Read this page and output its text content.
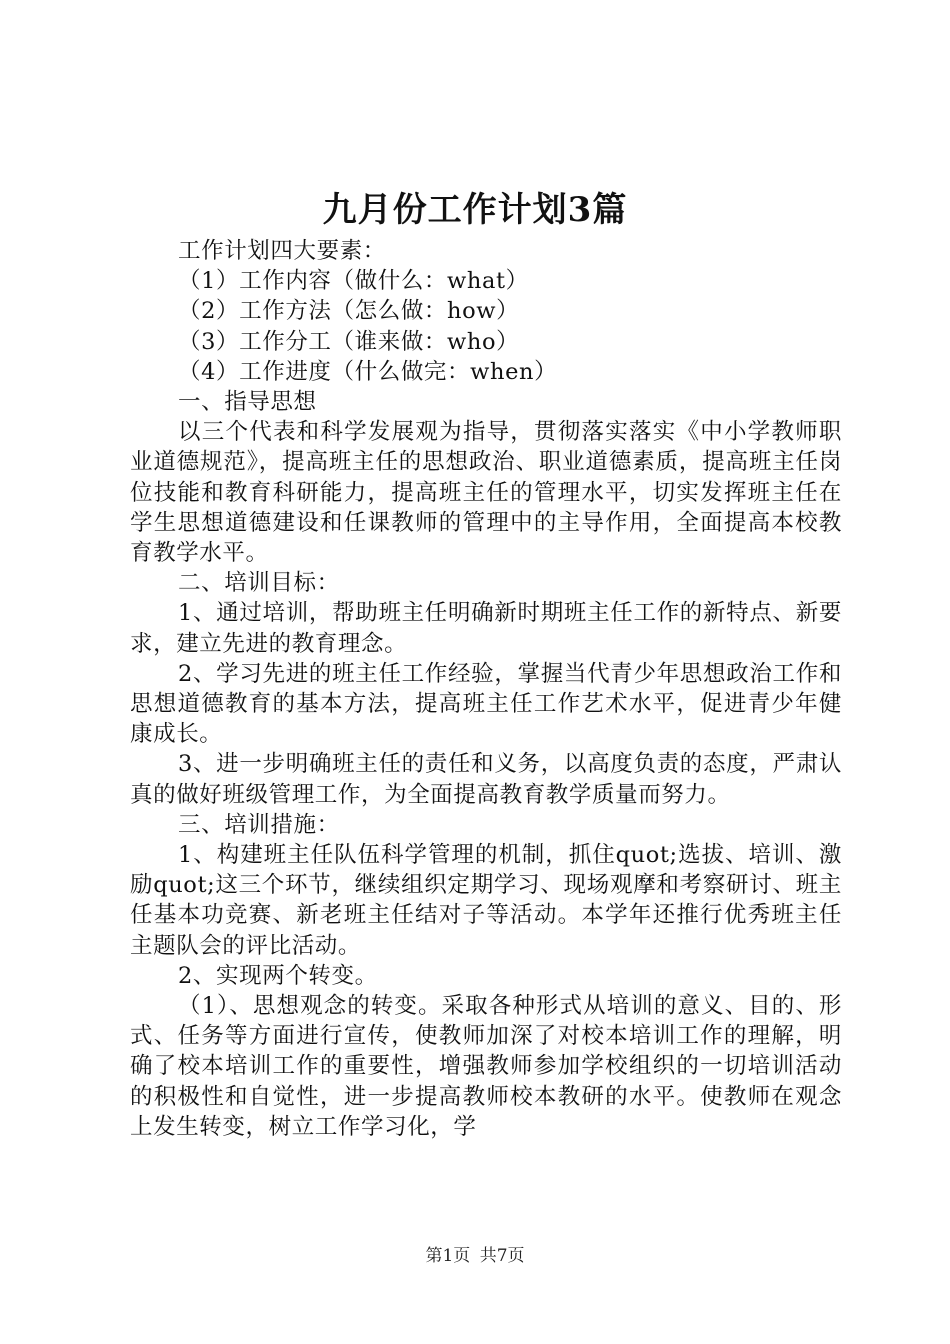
九月份工作计划3篇

工作计划四大要素：

（1）工作内容（做什么：what）

（2）工作方法（怎么做：how）

（3）工作分工（谁来做：who）

（4）工作进度（什么做完：when）

一、指导思想

以三个代表和科学发展观为指导，贯彻落实落实《中小学教师职业道德规范》，提高班主任的思想政治、职业道德素质，提高班主任岗位技能和教育科研能力，提高班主任的管理水平，切实发挥班主任在学生思想道德建设和任课教师的管理中的主导作用，全面提高本校教育教学水平。

二、培训目标：

1、通过培训，帮助班主任明确新时期班主任工作的新特点、新要求，建立先进的教育理念。

2、学习先进的班主任工作经验，掌握当代青少年思想政治工作和思想道德教育的基本方法，提高班主任工作艺术水平，促进青少年健康成长。

3、进一步明确班主任的责任和义务，以高度负责的态度，严肃认真的做好班级管理工作，为全面提高教育教学质量而努力。

三、培训措施：

1、构建班主任队伍科学管理的机制，抓住quot;选拔、培训、激励quot;这三个环节，继续组织定期学习、现场观摩和考察研讨、班主任基本功竞赛、新老班主任结对子等活动。本学年还推行优秀班主任主题队会的评比活动。

2、实现两个转变。

（1）、思想观念的转变。采取各种形式从培训的意义、目的、形式、任务等方面进行宣传，使教师加深了对校本培训工作的理解，明确了校本培训工作的重要性，增强教师参加学校组织的一切培训活动的积极性和自觉性，进一步提高教师校本教研的水平。使教师在观念上发生转变，树立工作学习化，学

第1页 共7页
